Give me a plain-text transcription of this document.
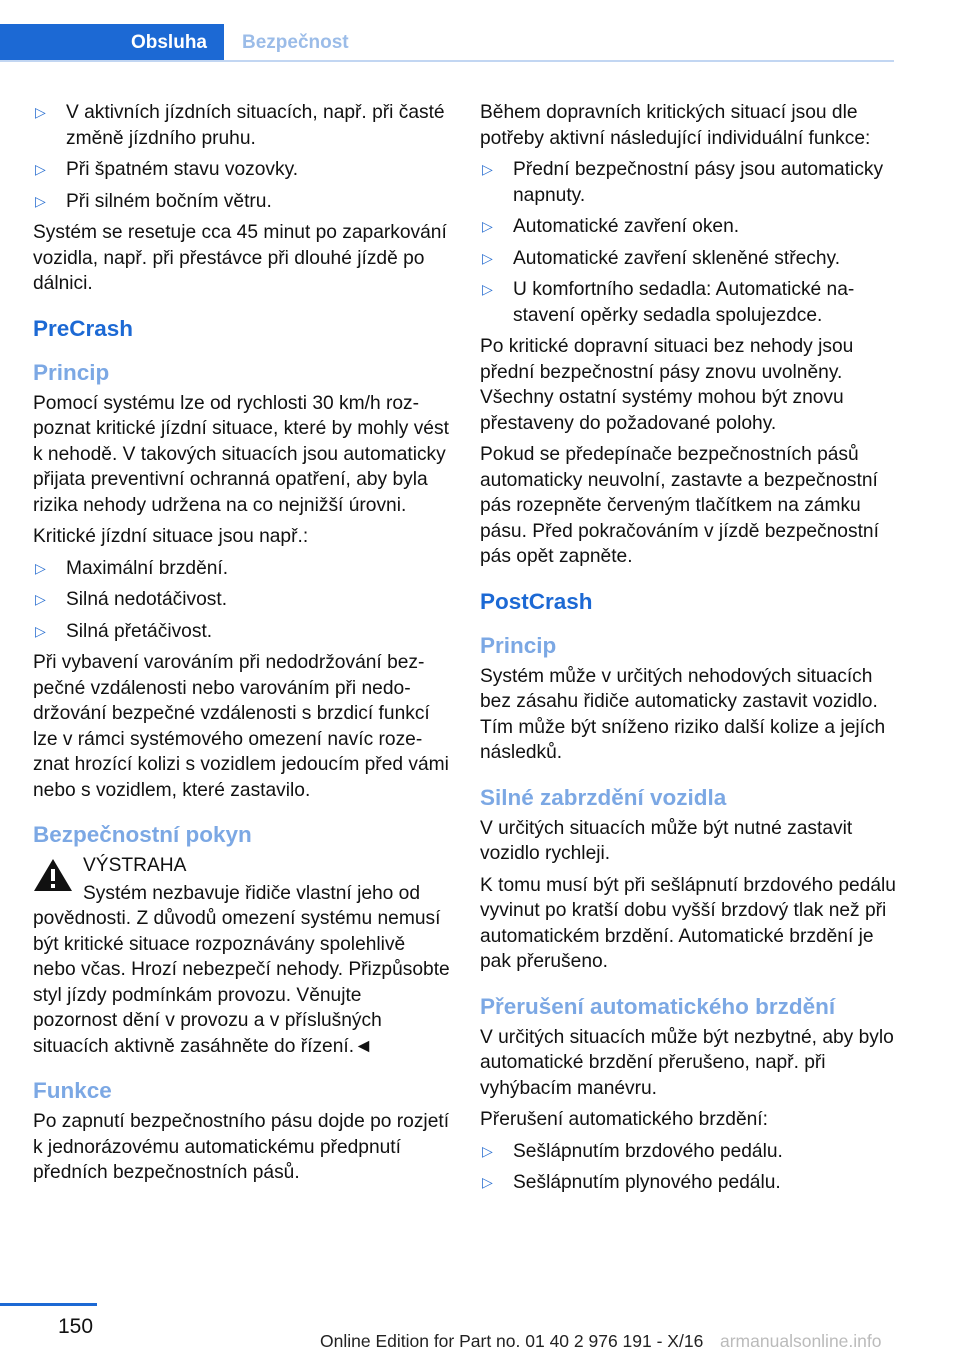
Obsluha	Bezpečnost
▷ V aktivních jízdních situacích, např. při časté změně jízdního pruhu.
▷ Při špatném stavu vozovky.
▷ Při silném bočním větru.

Systém se resetuje cca 45 minut po zaparkování vozidla, např. při přestávce při dlouhé jízdě po dálnici.

PreCrash
Princip

Pomocí systému lze od rychlosti 30 km/h rozpoznat kritické jízdní situace, které by mohly vést k nehodě. V takových situacích jsou automaticky přijata preventivní ochranná opatření, aby byla rizika nehody udržena na co nejnižší úrovni.

Kritické jízdní situace jsou např.:

▷ Maximální brzdění.
▷ Silná nedotáčivost.
▷ Silná přetáčivost.

Při vybavení varováním při nedodržování bezpečné vzdálenosti nebo varováním při nedodržování bezpečné vzdálenosti s brzdicí funkcí lze v rámci systémového omezení navíc rozeznat hrozící kolizi s vozidlem jedoucím před vámi nebo s vozidlem, které zastavilo.

Bezpečnostní pokyn

VÝSTRAHA

Systém nezbavuje řidiče vlastní jeho od

povědnosti. Z důvodů omezení systému nemusí být kritické situace rozpoznávány spolehlivě nebo včas. Hrozí nebezpečí nehody. Přizpůsobte styl jízdy podmínkám provozu. Věnujte pozornost dění v provozu a v příslušných situacích aktivně zasáhněte do řízení.◄

Funkce

Po zapnutí bezpečnostního pásu dojde po rozjetí k jednorázovému automatickému předpnutí předních bezpečnostních pásů.

Během dopravních kritických situací jsou dle potřeby aktivní následující individuální funkce:

▷ Přední bezpečnostní pásy jsou automaticky napnuty.
▷ Automatické zavření oken.
▷ Automatické zavření skleněné střechy.
▷ U komfortního sedadla: Automatické nastavení opěrky sedadla spolujezdce.

Po kritické dopravní situaci bez nehody jsou přední bezpečnostní pásy znovu uvolněny. Všechny ostatní systémy mohou být znovu přestaveny do požadované polohy.

Pokud se předepínače bezpečnostních pásů automaticky neuvolní, zastavte a bezpečnostní pás rozepněte červeným tlačítkem na zámku pásu. Před pokračováním v jízdě bezpečnostní pás opět zapněte.

PostCrash
Princip

Systém může v určitých nehodových situacích bez zásahu řidiče automaticky zastavit vozidlo. Tím může být sníženo riziko další kolize a jejích následků.

Silné zabrzdění vozidla

V určitých situacích může být nutné zastavit vozidlo rychleji.

K tomu musí být při sešlápnutí brzdového pedálu vyvinut po kratší dobu vyšší brzdový tlak než při automatickém brzdění. Automatické brzdění je pak přerušeno.

Přerušení automatického brzdění

V určitých situacích může být nezbytné, aby bylo automatické brzdění přerušeno, např. při vyhýbacím manévru.

Přerušení automatického brzdění:

▷ Sešlápnutím brzdového pedálu.
▷ Sešlápnutím plynového pedálu.
150
Online Edition for Part no. 01 40 2 976 191 - X/16 armanualsonline.info
